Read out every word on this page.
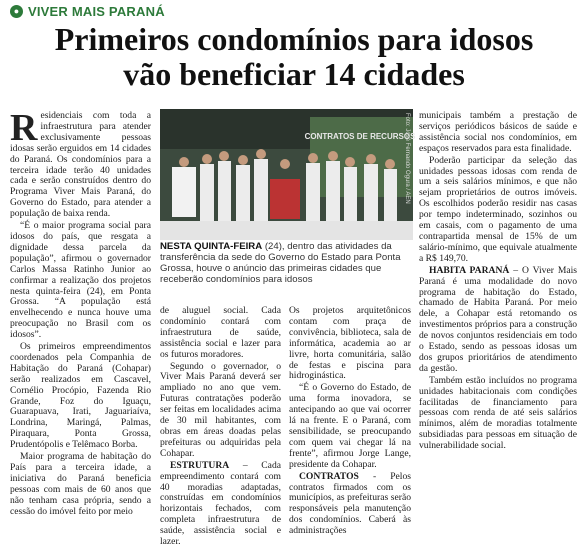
● VIVER MAIS PARANÁ
Primeiros condomínios para idosos
vão beneficiar 14 cidades

Residenciais com toda a infraestrutura para atender exclusivamente pessoas idosas serão erguidos em 14 cidades do Paraná. Os condomínios para a terceira idade terão 40 unidades cada e serão construídos dentro do Programa Viver Mais Paraná, do Governo do Estado, para atender a população de baixa renda.

“É o maior programa social para idosos do país, que resgata a dignidade dessa parcela da população”, afirmou o governador Carlos Massa Ratinho Junior ao confirmar a realização dos projetos nesta quinta-feira (24), em Ponta Grossa. “A população está envelhecendo e nunca houve uma preocupação no Brasil com os idosos”.

Os primeiros empreendimentos coordenados pela Companhia de Habitação do Paraná (Cohapar) serão realizados em Cascavel, Cornélio Procópio, Fazenda Rio Grande, Foz do Iguaçu, Guarapuava, Irati, Jaguariaíva, Londrina, Maringá, Palmas, Piraquara, Ponta Grossa, Prudentópolis e Telêmaco Borba.

Maior programa de habitação do País para a terceira idade, a iniciativa do Paraná beneficia pessoas com mais de 60 anos que não tenham casa própria, sendo a cessão do imóvel feito por meio

CONTRATOS DE RECURSOS
Foto: José Fernando Ogura / AEN
NESTA QUINTA-FEIRA (24), dentro das atividades da transferência da sede do Governo do Estado para Ponta Grossa, houve o anúncio das primeiras cidades que receberão condomínios para idosos

de aluguel social. Cada condomínio contará com infraestrutura de saúde, assistência social e lazer para os futuros moradores.

Segundo o governador, o Viver Mais Paraná deverá ser ampliado no ano que vem. Futuras contratações poderão ser feitas em localidades acima de 30 mil habitantes, com obras em áreas doadas pelas prefeituras ou adquiridas pela Cohapar.

ESTRUTURA – Cada empreendimento contará com 40 moradias adaptadas, construídas em condomínios horizontais fechados, com completa infraestrutura de saúde, assistência social e lazer.

Os projetos arquitetônicos contam com praça de convivência, biblioteca, sala de informática, academia ao ar livre, horta comunitária, salão de festas e piscina para hidroginástica.

“É o Governo do Estado, de uma forma inovadora, se antecipando ao que vai ocorrer lá na frente. E o Paraná, com sensibilidade, se preocupando com quem vai chegar lá na frente”, afirmou Jorge Lange, presidente da Cohapar.

CONTRATOS - Pelos contratos firmados com os municípios, as prefeituras serão responsáveis pela manutenção dos condomínios. Caberá às administrações

municipais também a prestação de serviços periódicos básicos de saúde e assistência social nos condomínios, em espaços reservados para esta finalidade.

Poderão participar da seleção das unidades pessoas idosas com renda de um a seis salários mínimos, e que não sejam proprietários de outros imóveis. Os escolhidos poderão residir nas casas por tempo indeterminado, sozinhos ou em casais, com o pagamento de uma contrapartida mensal de 15% de um salário-mínimo, que equivale atualmente a R$ 149,70.

HABITA PARANÁ – O Viver Mais Paraná é uma modalidade do novo programa de habitação do Estado, chamado de Habita Paraná. Por meio dele, a Cohapar está retomando os investimentos próprios para a construção de novos conjuntos residenciais em todo o Estado, sendo as pessoas idosas um dos grupos prioritários de atendimento da gestão.

Também estão incluídos no programa unidades habitacionais com condições facilitadas de financiamento para pessoas com renda de até seis salários mínimos, além de moradias totalmente subsidiadas para pessoas em situação de vulnerabilidade social.
